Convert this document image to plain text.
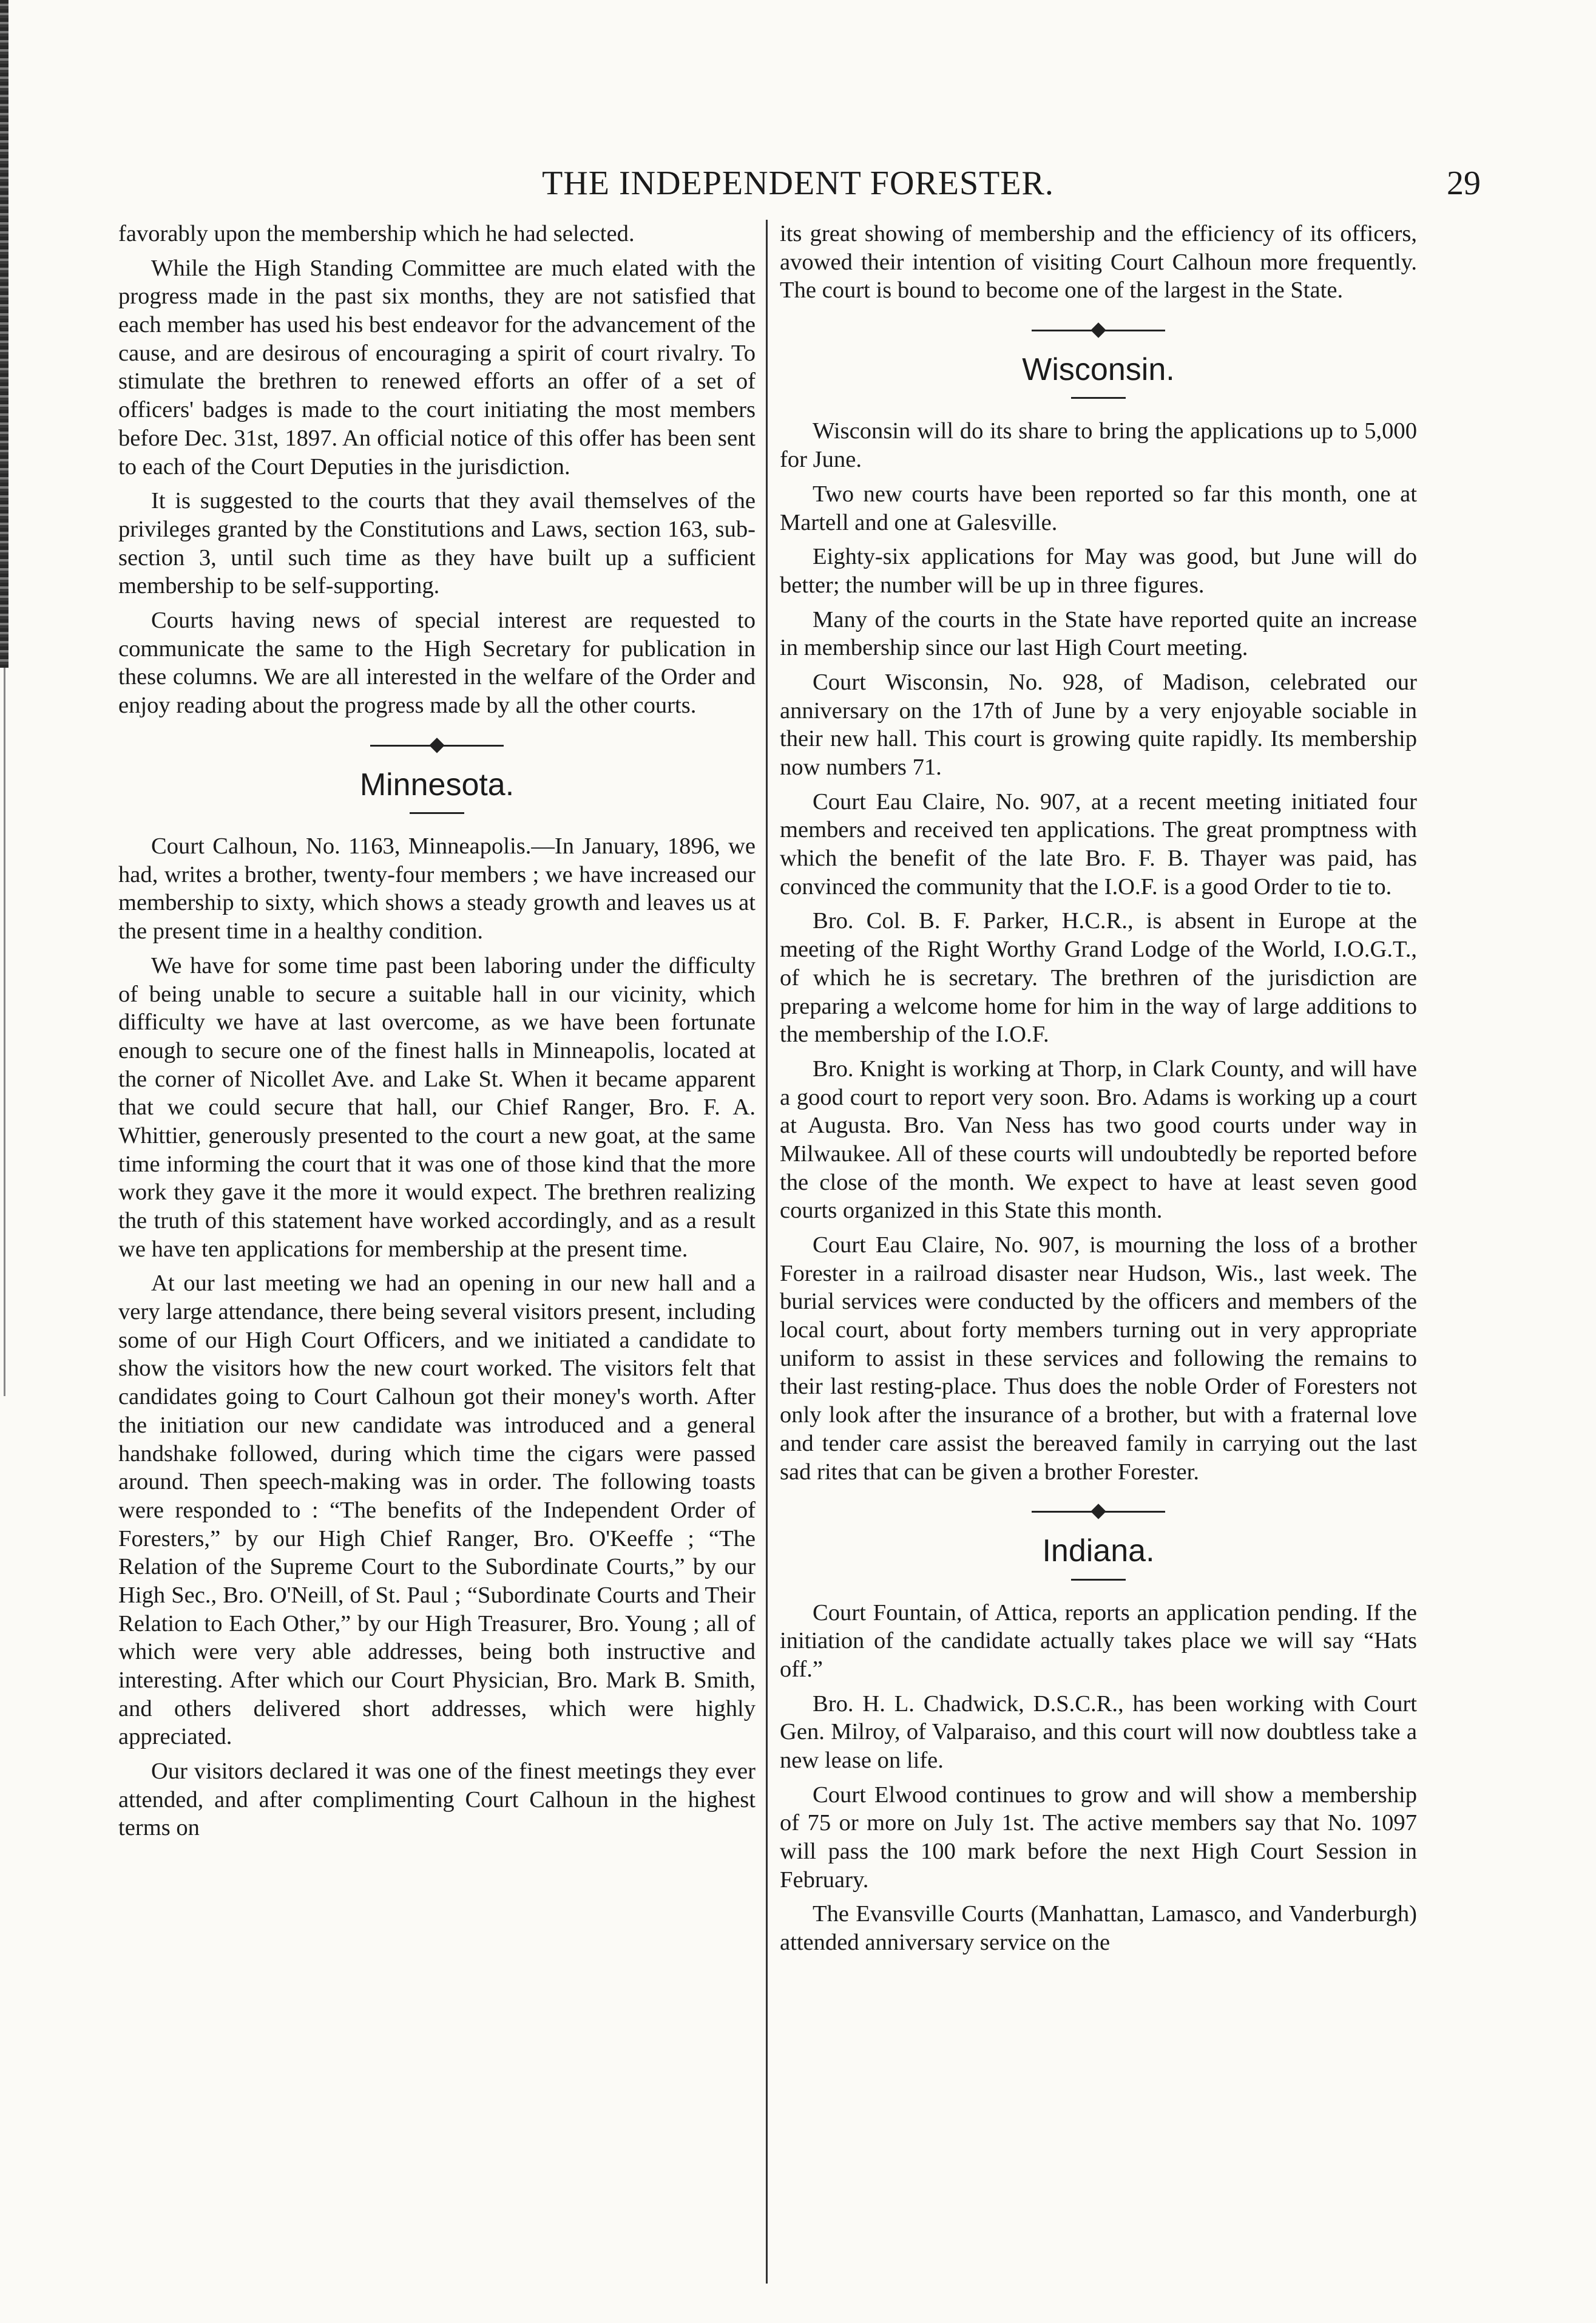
THE INDEPENDENT FORESTER.	29

favorably upon the membership which he had selected.

While the High Standing Committee are much elated with the progress made in the past six months, they are not satisfied that each member has used his best endeavor for the advancement of the cause, and are desirous of encouraging a spirit of court rivalry. To stimulate the brethren to renewed efforts an offer of a set of officers' badges is made to the court initiating the most members before Dec. 31st, 1897. An official notice of this offer has been sent to each of the Court Deputies in the jurisdiction.

It is suggested to the courts that they avail themselves of the privileges granted by the Constitutions and Laws, section 163, sub-section 3, until such time as they have built up a sufficient membership to be self-supporting.

Courts having news of special interest are requested to communicate the same to the High Secretary for publication in these columns. We are all interested in the welfare of the Order and enjoy reading about the progress made by all the other courts.

Minnesota.

Court Calhoun, No. 1163, Minneapolis.—In January, 1896, we had, writes a brother, twenty-four members ; we have increased our membership to sixty, which shows a steady growth and leaves us at the present time in a healthy condition.

We have for some time past been laboring under the difficulty of being unable to secure a suitable hall in our vicinity, which difficulty we have at last overcome, as we have been fortunate enough to secure one of the finest halls in Minneapolis, located at the corner of Nicollet Ave. and Lake St. When it became apparent that we could secure that hall, our Chief Ranger, Bro. F. A. Whittier, generously presented to the court a new goat, at the same time informing the court that it was one of those kind that the more work they gave it the more it would expect. The brethren realizing the truth of this statement have worked accordingly, and as a result we have ten applications for membership at the present time.

At our last meeting we had an opening in our new hall and a very large attendance, there being several visitors present, including some of our High Court Officers, and we initiated a candidate to show the visitors how the new court worked. The visitors felt that candidates going to Court Calhoun got their money's worth. After the initiation our new candidate was introduced and a general handshake followed, during which time the cigars were passed around. Then speech-making was in order. The following toasts were responded to : “The benefits of the Independent Order of Foresters,” by our High Chief Ranger, Bro. O'Keeffe ; “The Relation of the Supreme Court to the Subordinate Courts,” by our High Sec., Bro. O'Neill, of St. Paul ; “Subordinate Courts and Their Relation to Each Other,” by our High Treasurer, Bro. Young ; all of which were very able addresses, being both instructive and interesting. After which our Court Physician, Bro. Mark B. Smith, and others delivered short addresses, which were highly appreciated.

Our visitors declared it was one of the finest meetings they ever attended, and after complimenting Court Calhoun in the highest terms on

its great showing of membership and the efficiency of its officers, avowed their intention of visiting Court Calhoun more frequently. The court is bound to become one of the largest in the State.

Wisconsin.

Wisconsin will do its share to bring the applications up to 5,000 for June.

Two new courts have been reported so far this month, one at Martell and one at Galesville.

Eighty-six applications for May was good, but June will do better; the number will be up in three figures.

Many of the courts in the State have reported quite an increase in membership since our last High Court meeting.

Court Wisconsin, No. 928, of Madison, celebrated our anniversary on the 17th of June by a very enjoyable sociable in their new hall. This court is growing quite rapidly. Its membership now numbers 71.

Court Eau Claire, No. 907, at a recent meeting initiated four members and received ten applications. The great promptness with which the benefit of the late Bro. F. B. Thayer was paid, has convinced the community that the I.O.F. is a good Order to tie to.

Bro. Col. B. F. Parker, H.C.R., is absent in Europe at the meeting of the Right Worthy Grand Lodge of the World, I.O.G.T., of which he is secretary. The brethren of the jurisdiction are preparing a welcome home for him in the way of large additions to the membership of the I.O.F.

Bro. Knight is working at Thorp, in Clark County, and will have a good court to report very soon. Bro. Adams is working up a court at Augusta. Bro. Van Ness has two good courts under way in Milwaukee. All of these courts will undoubtedly be reported before the close of the month. We expect to have at least seven good courts organized in this State this month.

Court Eau Claire, No. 907, is mourning the loss of a brother Forester in a railroad disaster near Hudson, Wis., last week. The burial services were conducted by the officers and members of the local court, about forty members turning out in very appropriate uniform to assist in these services and following the remains to their last resting-place. Thus does the noble Order of Foresters not only look after the insurance of a brother, but with a fraternal love and tender care assist the bereaved family in carrying out the last sad rites that can be given a brother Forester.

Indiana.

Court Fountain, of Attica, reports an application pending. If the initiation of the candidate actually takes place we will say “Hats off.”

Bro. H. L. Chadwick, D.S.C.R., has been working with Court Gen. Milroy, of Valparaiso, and this court will now doubtless take a new lease on life.

Court Elwood continues to grow and will show a membership of 75 or more on July 1st. The active members say that No. 1097 will pass the 100 mark before the next High Court Session in February.

The Evansville Courts (Manhattan, Lamasco, and Vanderburgh) attended anniversary service on the
